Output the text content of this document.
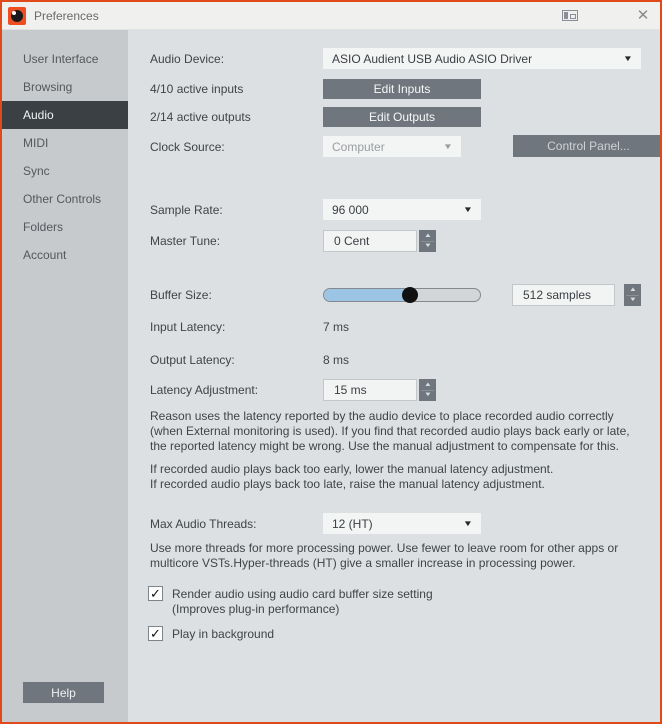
Preferences	✕
User Interface
Browsing
Audio
MIDI
Sync
Other Controls
Folders
Account
Help
Audio Device:	ASIO Audient USB Audio ASIO Driver	▼
4/10 active inputs	Edit Inputs
2/14 active outputs	Edit Outputs
Clock Source:	Computer	▼	Control Panel...
Sample Rate:	96 000	▼
Master Tune:	0 Cent	▲
▼
Buffer Size:	512 samples	▲
▼
Input Latency:	7 ms
Output Latency:	8 ms
Latency Adjustment:	15 ms	▲
▼
Reason uses the latency reported by the audio device to place recorded audio correctly (when External monitoring is used). If you find that recorded audio plays back early or late, the reported latency might be wrong. Use the manual adjustment to compensate for this.
If recorded audio plays back too early, lower the manual latency adjustment.
If recorded audio plays back too late, raise the manual latency adjustment.
Max Audio Threads:	12 (HT)	▼
Use more threads for more processing power. Use fewer to leave room for other apps or multicore VSTs.Hyper-threads (HT) give a smaller increase in processing power.
✓ Render audio using audio card buffer size setting
(Improves plug-in performance)
✓ Play in background
